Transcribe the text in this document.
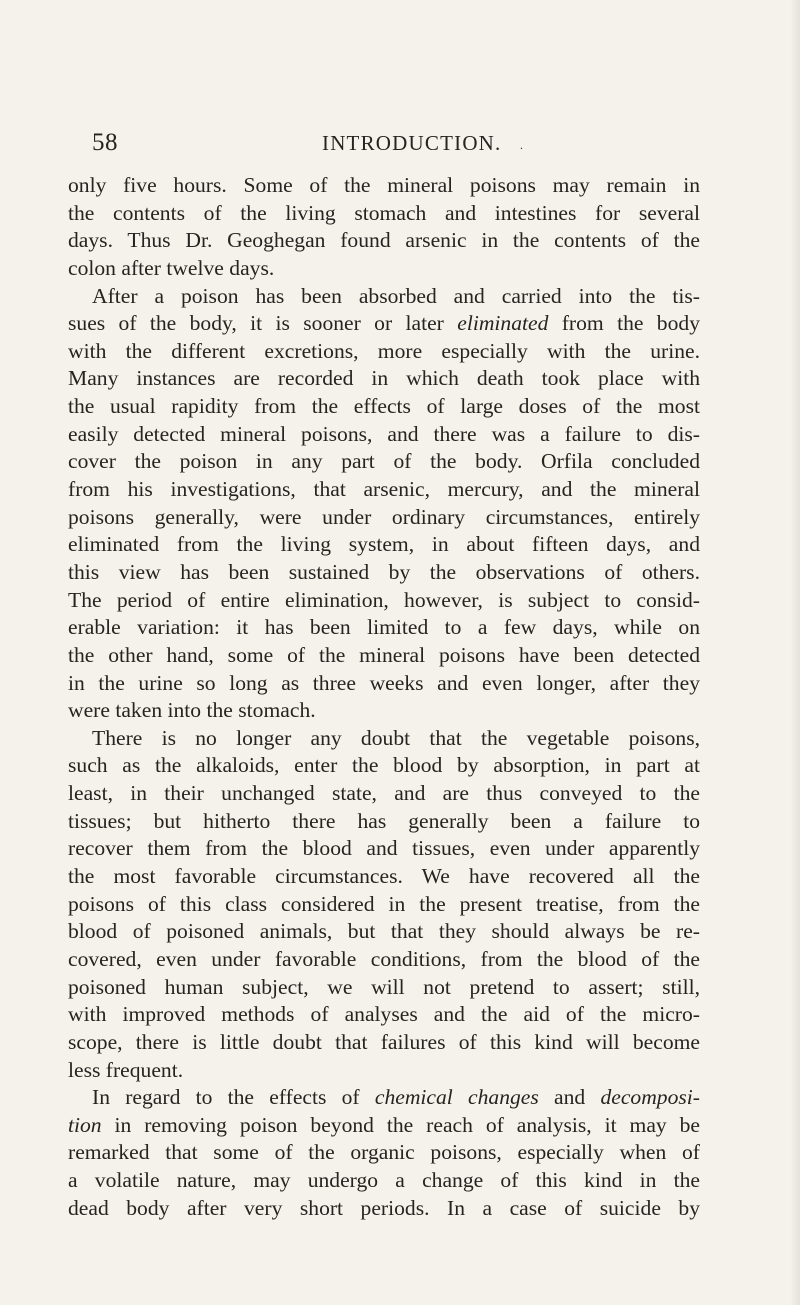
58	INTRODUCTION. .
only five hours. Some of the mineral poisons may remain in
the contents of the living stomach and intestines for several
days. Thus Dr. Geoghegan found arsenic in the contents of the
colon after twelve days.
After a poison has been absorbed and carried into the tis-
sues of the body, it is sooner or later eliminated from the body
with the different excretions, more especially with the urine.
Many instances are recorded in which death took place with
the usual rapidity from the effects of large doses of the most
easily detected mineral poisons, and there was a failure to dis-
cover the poison in any part of the body. Orfila concluded
from his investigations, that arsenic, mercury, and the mineral
poisons generally, were under ordinary circumstances, entirely
eliminated from the living system, in about fifteen days, and
this view has been sustained by the observations of others.
The period of entire elimination, however, is subject to consid-
erable variation: it has been limited to a few days, while on
the other hand, some of the mineral poisons have been detected
in the urine so long as three weeks and even longer, after they
were taken into the stomach.
There is no longer any doubt that the vegetable poisons,
such as the alkaloids, enter the blood by absorption, in part at
least, in their unchanged state, and are thus conveyed to the
tissues; but hitherto there has generally been a failure to
recover them from the blood and tissues, even under apparently
the most favorable circumstances. We have recovered all the
poisons of this class considered in the present treatise, from the
blood of poisoned animals, but that they should always be re-
covered, even under favorable conditions, from the blood of the
poisoned human subject, we will not pretend to assert; still,
with improved methods of analyses and the aid of the micro-
scope, there is little doubt that failures of this kind will become
less frequent.
In regard to the effects of chemical changes and decomposi-
tion in removing poison beyond the reach of analysis, it may be
remarked that some of the organic poisons, especially when of
a volatile nature, may undergo a change of this kind in the
dead body after very short periods. In a case of suicide by
